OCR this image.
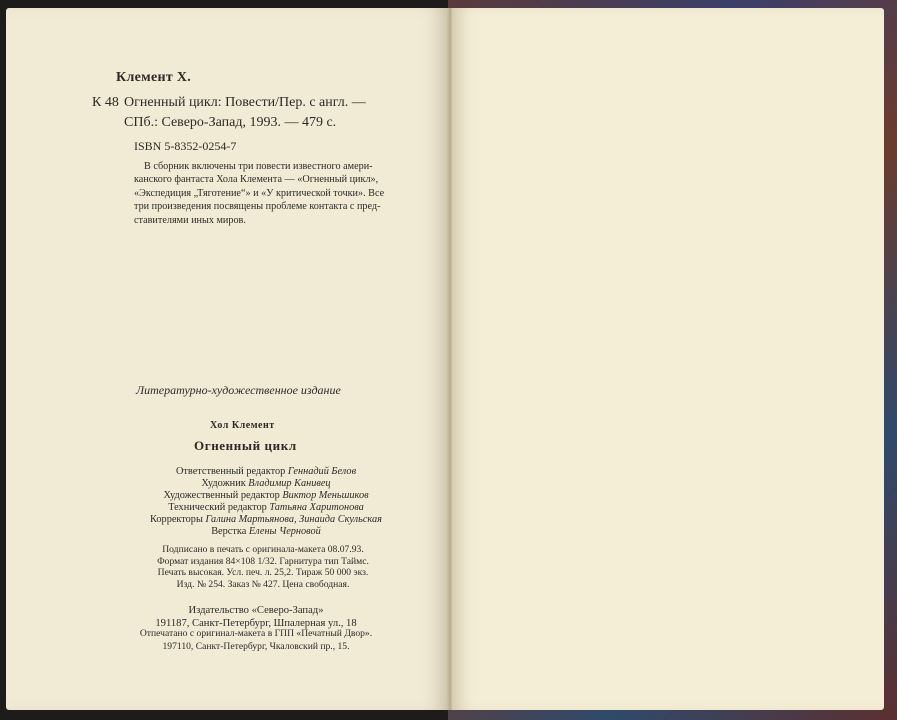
Клемент Х.
К 48 Огненный цикл: Повести/Пер. с англ. —
СПб.: Северо-Запад, 1993. — 479 с.
ISBN 5-8352-0254-7
В сборник включены три повести известного амери-
канского фантаста Хола Клемента — «Огненный цикл»,
«Экспедиция „Тяготение“» и «У критической точки». Все
три произведения посвящены проблеме контакта с пред-
ставителями иных миров.
Литературно-художественное издание
Хол Клемент
Огненный цикл
Ответственный редактор Геннадий Белов
Художник Владимир Канивец
Художественный редактор Виктор Меньшиков
Технический редактор Татьяна Харитонова
Корректоры Галина Мартьянова, Зинаида Скульская
Верстка Елены Черновой
Подписано в печать с оригинала-макета 08.07.93.
Формат издания 84×108 1/32. Гарнитура тип Таймс.
Печать высокая. Усл. печ. л. 25,2. Тираж 50 000 экз.
Изд. № 254. Заказ № 427. Цена свободная.
Издательство «Северо-Запад»
191187, Санкт-Петербург, Шпалерная ул., 18
Отпечатано с оригинал-макета в ГПП «Печатный Двор».
197110, Санкт-Петербург, Чкаловский пр., 15.
